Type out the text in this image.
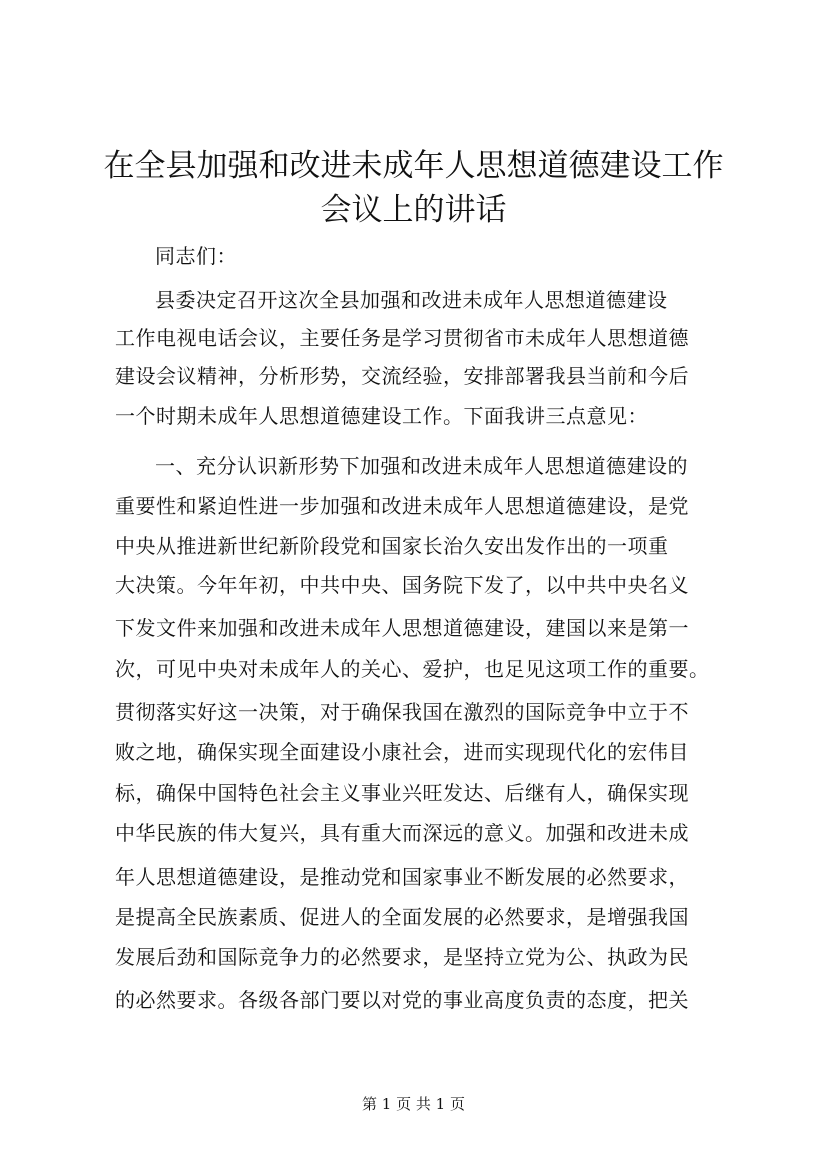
在全县加强和改进未成年人思想道德建设工作
会议上的讲话
同志们：
县委决定召开这次全县加强和改进未成年人思想道德建设
工作电视电话会议，主要任务是学习贯彻省市未成年人思想道德
建设会议精神，分析形势，交流经验，安排部署我县当前和今后
一个时期未成年人思想道德建设工作。下面我讲三点意见：
一、充分认识新形势下加强和改进未成年人思想道德建设的
重要性和紧迫性进一步加强和改进未成年人思想道德建设，是党
中央从推进新世纪新阶段党和国家长治久安出发作出的一项重
大决策。今年年初，中共中央、国务院下发了，以中共中央名义
下发文件来加强和改进未成年人思想道德建设，建国以来是第一
次，可见中央对未成年人的关心、爱护，也足见这项工作的重要。
贯彻落实好这一决策，对于确保我国在激烈的国际竞争中立于不
败之地，确保实现全面建设小康社会，进而实现现代化的宏伟目
标，确保中国特色社会主义事业兴旺发达、后继有人，确保实现
中华民族的伟大复兴，具有重大而深远的意义。加强和改进未成
年人思想道德建设，是推动党和国家事业不断发展的必然要求，
是提高全民族素质、促进人的全面发展的必然要求，是增强我国
发展后劲和国际竞争力的必然要求，是坚持立党为公、执政为民
的必然要求。各级各部门要以对党的事业高度负责的态度，把关
第 1 页 共 1 页
